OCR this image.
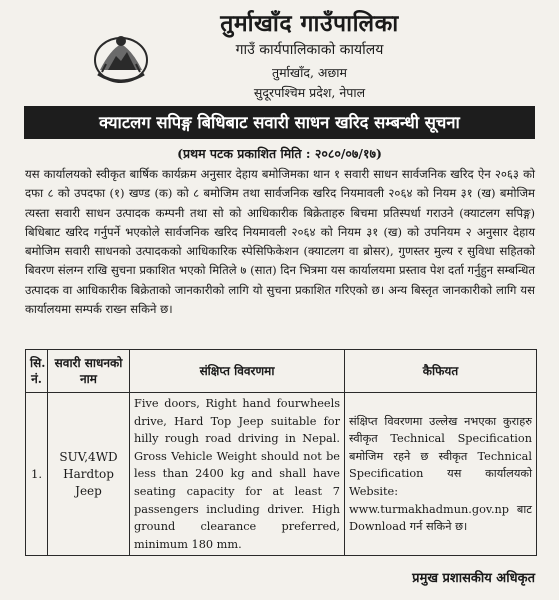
तुर्माखाँद गाउँपालिका
गाउँ कार्यपालिकाको कार्यालय
तुर्माखाँद, अछाम
सुदूरपश्चिम प्रदेश, नेपाल
क्याटलग सपिङ्ग बिधिबाट सवारी साधन खरिद सम्बन्धी सूचना
(प्रथम पटक प्रकाशित मिति : २०८०/०७/१७)
यस कार्यालयको स्वीकृत बार्षिक कार्यक्रम अनुसार देहाय बमोजिमका थान १ सवारी साधन सार्वजनिक खरिद ऐन २०६३ को दफा ८ को उपदफा (१) खण्ड (क) को ८ बमोजिम तथा सार्वजनिक खरिद नियमावली २०६४ को नियम ३१ (ख) बमोजिम त्यस्ता सवारी साधन उत्पादक कम्पनी तथा सो को आधिकारीक बिक्रेताहरु बिचमा प्रतिस्पर्धा गराउने (क्याटलग सपिङ्ग) बिधिबाट खरिद गर्नुपर्ने भएकोले सार्वजनिक खरिद नियमावली २०६४ को नियम ३१ (ख) को उपनियम २ अनुसार देहाय बमोजिम सवारी साधनको उत्पादकको आधिकारिक स्पेसिफिकेशन (क्याटलग वा ब्रोसर), गुणस्तर मुल्य र सुविधा सहितको बिवरण संलग्न राखि सुचना प्रकाशित भएको मितिले ७ (सात) दिन भित्रमा यस कार्यालयमा प्रस्ताव पेश दर्ता गर्नुहुन सम्बन्धित उत्पादक वा आधिकारीक बिक्रेताको जानकारीको लागि यो सुचना प्रकाशित गरिएको छ। अन्य बिस्तृत जानकारीको लागि यस कार्यालयमा सम्पर्क राख्न सकिने छ।
सि. नं.	सवारी साधनको नाम	संक्षिप्त विवरणमा	कैफियत
1.	SUV,4WD Hardtop Jeep	Five doors, Right hand fourwheels drive, Hard Top Jeep suitable for hilly rough road driving in Nepal. Gross Vehicle Weight should not be less than 2400 kg and shall have seating capacity for at least 7 passengers including driver. High ground clearance preferred, minimum 180 mm.	संक्षिप्त विवरणमा उल्लेख नभएका कुराहरु स्वीकृत Technical Specification बमोजिम रहने छ स्वीकृत Technical Specification यस कार्यालयको Website: www.turmakhadmun.gov.np बाट Download गर्न सकिने छ।
प्रमुख प्रशासकीय अधिकृत
